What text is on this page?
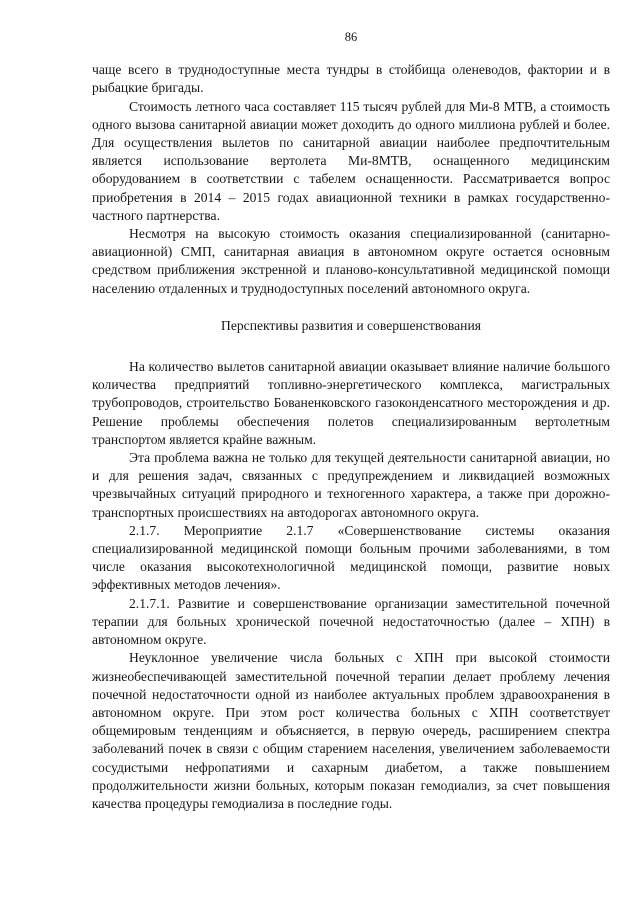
86

чаще всего в труднодоступные места тундры в стойбища оленеводов, фактории и в рыбацкие бригады.

Стоимость летного часа составляет 115 тысяч рублей для Ми-8 МТВ, а стоимость одного вызова санитарной авиации может доходить до одного миллиона рублей и более. Для осуществления вылетов по санитарной авиации наиболее предпочтительным является использование вертолета Ми-8МТВ, оснащенного медицинским оборудованием в соответствии с табелем оснащенности. Рассматривается вопрос приобретения в 2014 – 2015 годах авиационной техники в рамках государственно-частного партнерства.

Несмотря на высокую стоимость оказания специализированной (санитарно-авиационной) СМП, санитарная авиация в автономном округе остается основным средством приближения экстренной и планово-консультативной медицинской помощи населению отдаленных и труднодоступных поселений автономного округа.

Перспективы развития и совершенствования

На количество вылетов санитарной авиации оказывает влияние наличие большого количества предприятий топливно-энергетического комплекса, магистральных трубопроводов, строительство Бованенковского газоконденсатного месторождения и др. Решение проблемы обеспечения полетов специализированным вертолетным транспортом является крайне важным.

Эта проблема важна не только для текущей деятельности санитарной авиации, но и для решения задач, связанных с предупреждением и ликвидацией возможных чрезвычайных ситуаций природного и техногенного характера, а также при дорожно-транспортных происшествиях на автодорогах автономного округа.

2.1.7. Мероприятие 2.1.7 «Совершенствование системы оказания специализированной медицинской помощи больным прочими заболеваниями, в том числе оказания высокотехнологичной медицинской помощи, развитие новых эффективных методов лечения».

2.1.7.1. Развитие и совершенствование организации заместительной почечной терапии для больных хронической почечной недостаточностью (далее – ХПН) в автономном округе.

Неуклонное увеличение числа больных с ХПН при высокой стоимости жизнеобеспечивающей заместительной почечной терапии делает проблему лечения почечной недостаточности одной из наиболее актуальных проблем здравоохранения в автономном округе. При этом рост количества больных с ХПН соответствует общемировым тенденциям и объясняется, в первую очередь, расширением спектра заболеваний почек в связи с общим старением населения, увеличением заболеваемости сосудистыми нефропатиями и сахарным диабетом, а также повышением продолжительности жизни больных, которым показан гемодиализ, за счет повышения качества процедуры гемодиализа в последние годы.
